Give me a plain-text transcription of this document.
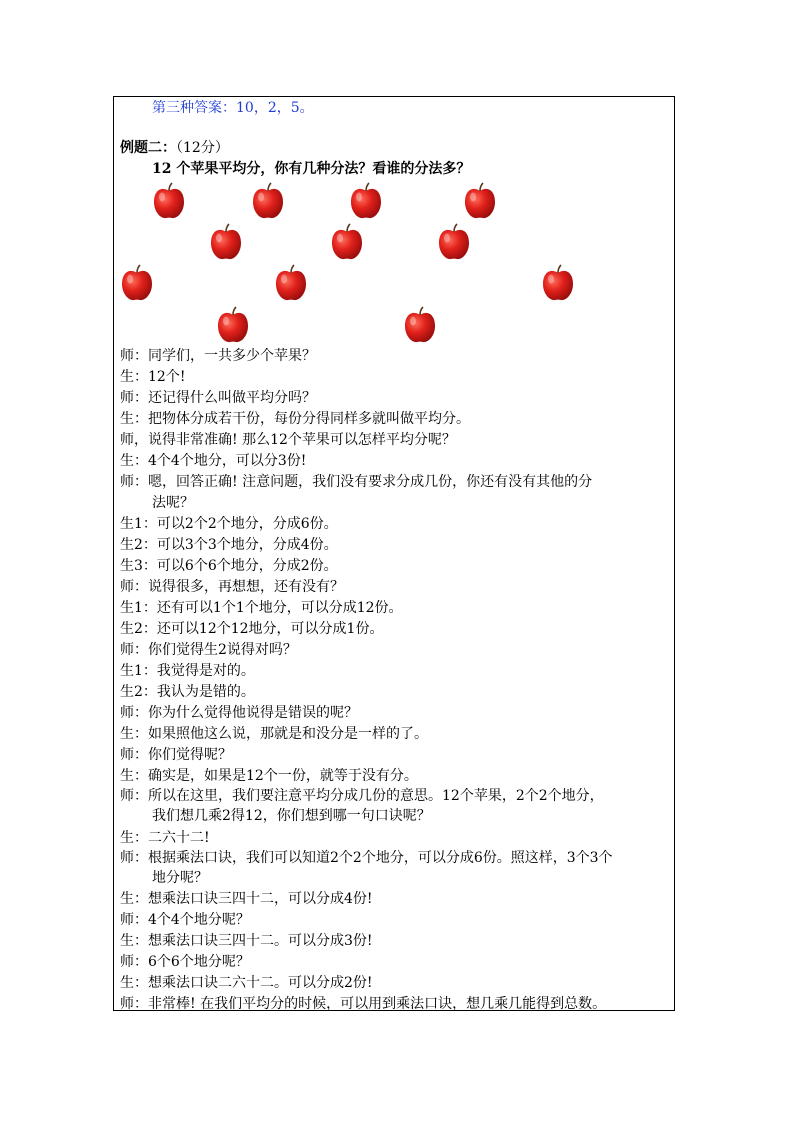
第三种答案：10，2，5。
例题二：（12分）
12 个苹果平均分，你有几种分法？看谁的分法多？
师：同学们，一共多少个苹果？
生：12个!
师：还记得什么叫做平均分吗？
生：把物体分成若干份，每份分得同样多就叫做平均分。
师，说得非常准确! 那么12个苹果可以怎样平均分呢？
生：4个4个地分，可以分3份!
师：嗯，回答正确! 注意问题，我们没有要求分成几份，你还有没有其他的分
法呢？
生1：可以2个2个地分，分成6份。
生2：可以3个3个地分，分成4份。
生3：可以6个6个地分，分成2份。
师：说得很多，再想想，还有没有？
生1：还有可以1个1个地分，可以分成12份。
生2：还可以12个12地分，可以分成1份。
师：你们觉得生2说得对吗？
生1：我觉得是对的。
生2：我认为是错的。
师：你为什么觉得他说得是错误的呢？
生：如果照他这么说，那就是和没分是一样的了。
师：你们觉得呢？
生：确实是，如果是12个一份，就等于没有分。
师：所以在这里，我们要注意平均分成几份的意思。12个苹果，2个2个地分，
我们想几乘2得12，你们想到哪一句口诀呢？
生：二六十二!
师：根据乘法口诀，我们可以知道2个2个地分，可以分成6份。照这样，3个3个
地分呢？
生：想乘法口诀三四十二，可以分成4份!
师：4个4个地分呢？
生：想乘法口诀三四十二。可以分成3份!
师：6个6个地分呢？
生：想乘法口诀二六十二。可以分成2份!
师：非常棒! 在我们平均分的时候，可以用到乘法口诀，想几乘几能得到总数。
